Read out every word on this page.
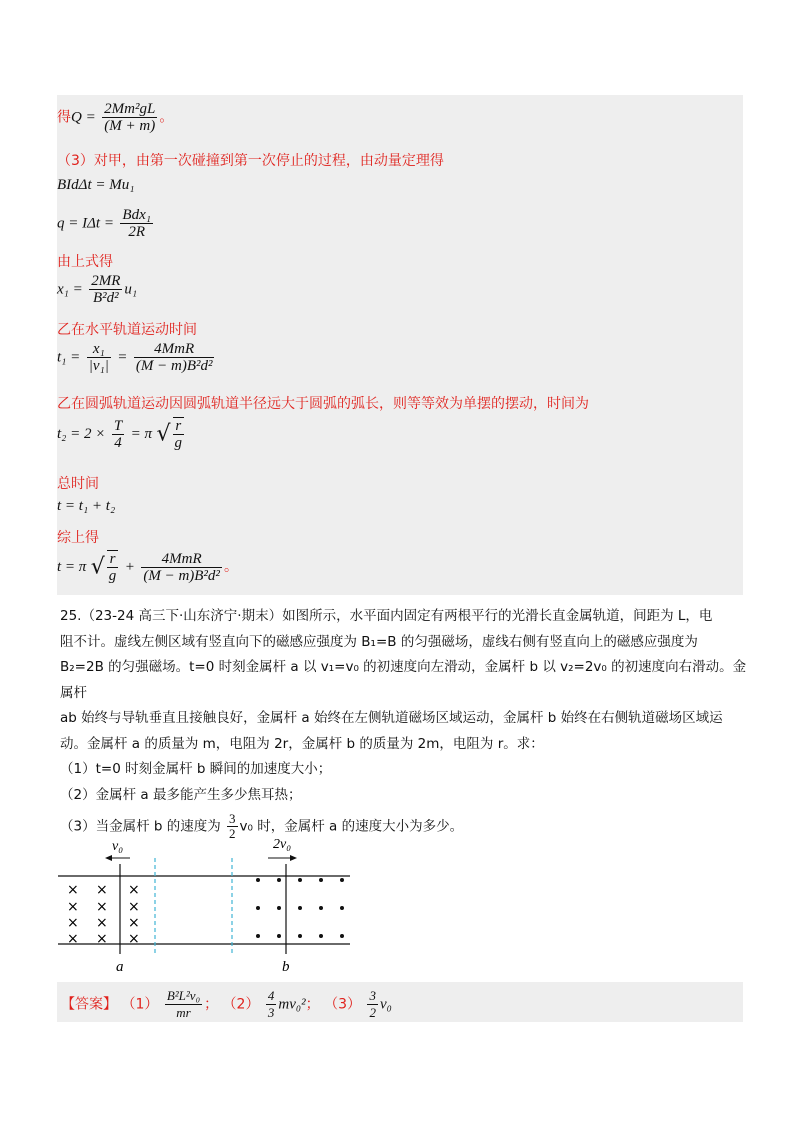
得$Q = \frac{\text{2Mm²gL}}{(M + m)}$ 。
（3）对甲，由第一次碰撞到第一次停止的过程，由动量定理得
BIdΔt = Mu₁
$q = I\Delta t = \frac{\text{Bdx₁}}{2R}$
由上式得
$x_1 = \frac{2MR}{\text{B²d²}} u_1$
乙在水平轨道运动时间
$t_1 = \frac{\text{x₁}}{\text{|v₁|}} = \frac{\text{4MmR}}{\text{(M − m)B²d²}}$
乙在圆弧轨道运动因圆弧轨道半径远大于圆弧的弧长，则等等效为单摆的摆动，时间为
$t_2 = 2 \times \frac{T}{4} = \pi$ √ $\frac{r}{g}$
总时间
t = t₁ + t₂
综上得
t = π √ $\frac{r}{g} + \frac{\text{4MmR}}{\text{(M − m)B²d²}}$ 。

25.（23-24 高三下·山东济宁·期末）如图所示，水平面内固定有两根平行的光滑长直金属轨道，间距为 L，电

阻不计。虚线左侧区域有竖直向下的磁感应强度为 B₁=B 的匀强磁场，虚线右侧有竖直向上的磁感应强度为

B₂=2B 的匀强磁场。t=0 时刻金属杆 a 以 v₁=v₀ 的初速度向左滑动，金属杆 b 以 v₂=2v₀ 的初速度向右滑动。金属杆

ab 始终与导轨垂直且接触良好，金属杆 a 始终在左侧轨道磁场区域运动，金属杆 b 始终在右侧轨道磁场区域运

动。金属杆 a 的质量为 m，电阻为 2r，金属杆 b 的质量为 2m，电阻为 r。求：

（1）t=0 时刻金属杆 b 瞬间的加速度大小；

（2）金属杆 a 最多能产生多少焦耳热；

（3）当金属杆 b 的速度为 $\frac{3}{2} v_0$ 时，金属杆 a 的速度大小为多少。

v₀	2v₀
a	b
×
×
×
×
×
×
×
×
×
×
×
×
【答案】 $(1) \frac{\text{B²L²v₀}}{mr}$ ； $(2) \frac{4}{3} mv_0^2$； $(3) \frac{3}{2} v_0$
